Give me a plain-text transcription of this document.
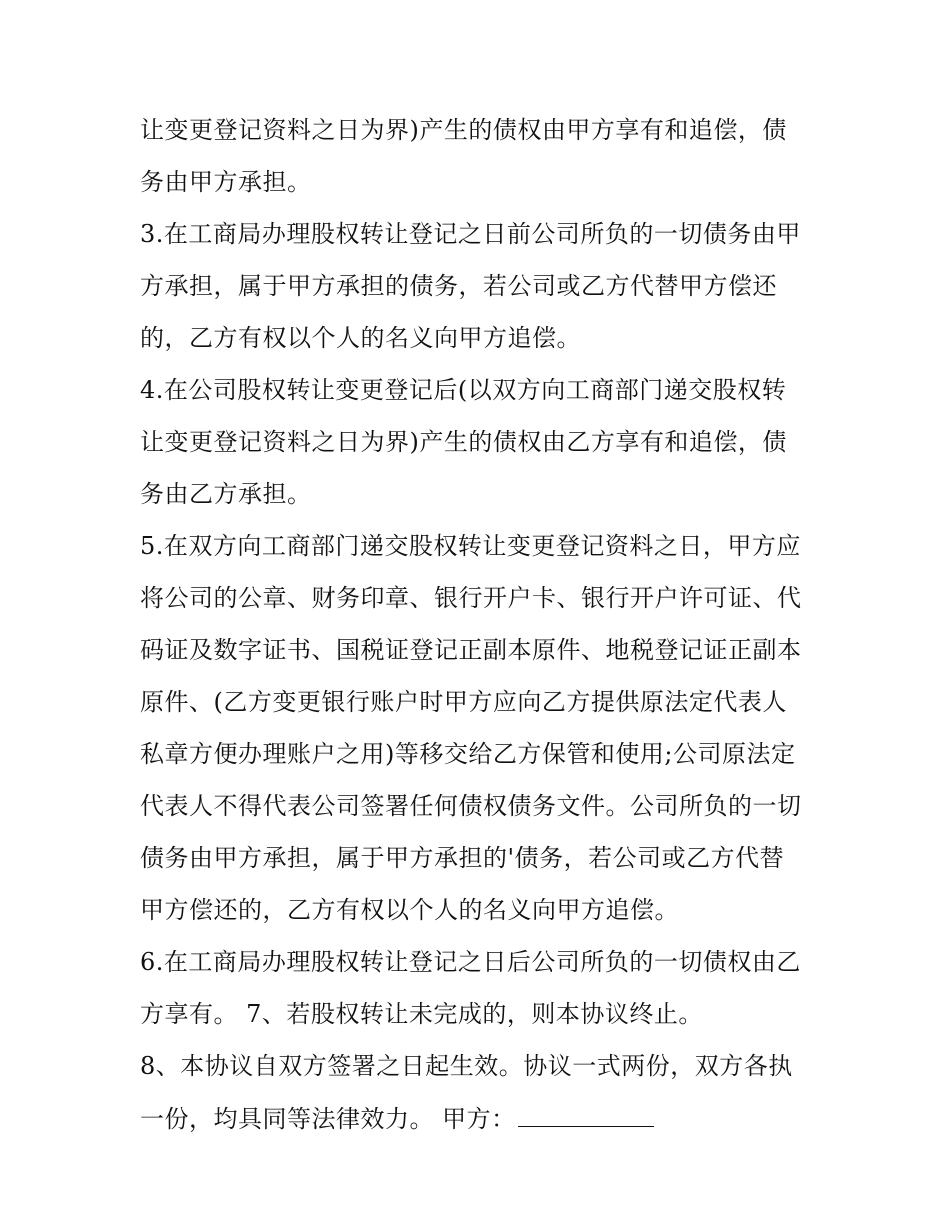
让变更登记资料之日为界)产生的债权由甲方享有和追偿，债
务由甲方承担。
3.在工商局办理股权转让登记之日前公司所负的一切债务由甲
方承担，属于甲方承担的债务，若公司或乙方代替甲方偿还
的，乙方有权以个人的名义向甲方追偿。
4.在公司股权转让变更登记后(以双方向工商部门递交股权转
让变更登记资料之日为界)产生的债权由乙方享有和追偿，债
务由乙方承担。
5.在双方向工商部门递交股权转让变更登记资料之日，甲方应
将公司的公章、财务印章、银行开户卡、银行开户许可证、代
码证及数字证书、国税证登记正副本原件、地税登记证正副本
原件、(乙方变更银行账户时甲方应向乙方提供原法定代表人
私章方便办理账户之用)等移交给乙方保管和使用;公司原法定
代表人不得代表公司签署任何债权债务文件。公司所负的一切
债务由甲方承担，属于甲方承担的'债务，若公司或乙方代替
甲方偿还的，乙方有权以个人的名义向甲方追偿。
6.在工商局办理股权转让登记之日后公司所负的一切债权由乙
方享有。 7、若股权转让未完成的，则本协议终止。
8、本协议自双方签署之日起生效。协议一式两份，双方各执
一份，均具同等法律效力。 甲方：
